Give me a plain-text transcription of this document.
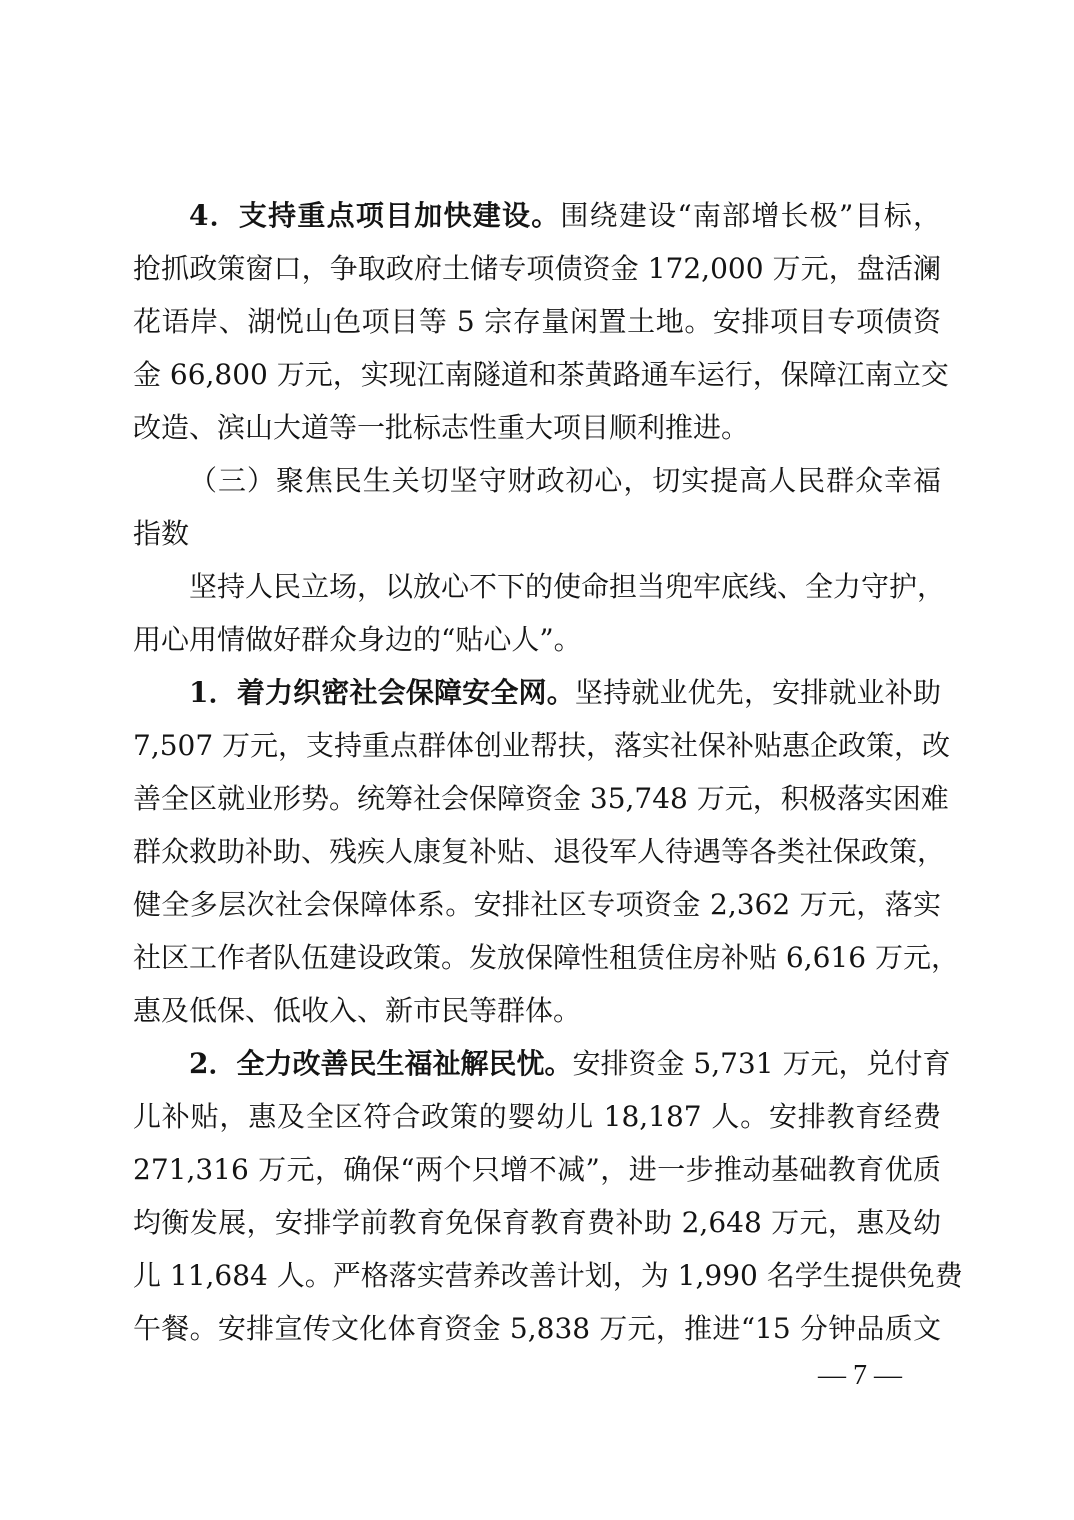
4．支持重点项目加快建设。围绕建设“南部增长极”目标，
抢抓政策窗口，争取政府土储专项债资金 172,000 万元，盘活澜
花语岸、湖悦山色项目等 5 宗存量闲置土地。安排项目专项债资
金 66,800 万元，实现江南隧道和茶黄路通车运行，保障江南立交
改造、滨山大道等一批标志性重大项目顺利推进。
（三）聚焦民生关切坚守财政初心，切实提高人民群众幸福
指数
坚持人民立场，以放心不下的使命担当兜牢底线、全力守护，
用心用情做好群众身边的“贴心人”。
1．着力织密社会保障安全网。坚持就业优先，安排就业补助
7,507 万元，支持重点群体创业帮扶，落实社保补贴惠企政策，改
善全区就业形势。统筹社会保障资金 35,748 万元，积极落实困难
群众救助补助、残疾人康复补贴、退役军人待遇等各类社保政策，
健全多层次社会保障体系。安排社区专项资金 2,362 万元，落实
社区工作者队伍建设政策。发放保障性租赁住房补贴 6,616 万元，
惠及低保、低收入、新市民等群体。
2．全力改善民生福祉解民忧。安排资金 5,731 万元，兑付育
儿补贴，惠及全区符合政策的婴幼儿 18,187 人。安排教育经费
271,316 万元，确保“两个只增不减”，进一步推动基础教育优质
均衡发展，安排学前教育免保育教育费补助 2,648 万元，惠及幼
儿 11,684 人。严格落实营养改善计划，为 1,990 名学生提供免费
午餐。安排宣传文化体育资金 5,838 万元，推进“15 分钟品质文
— 7 —
